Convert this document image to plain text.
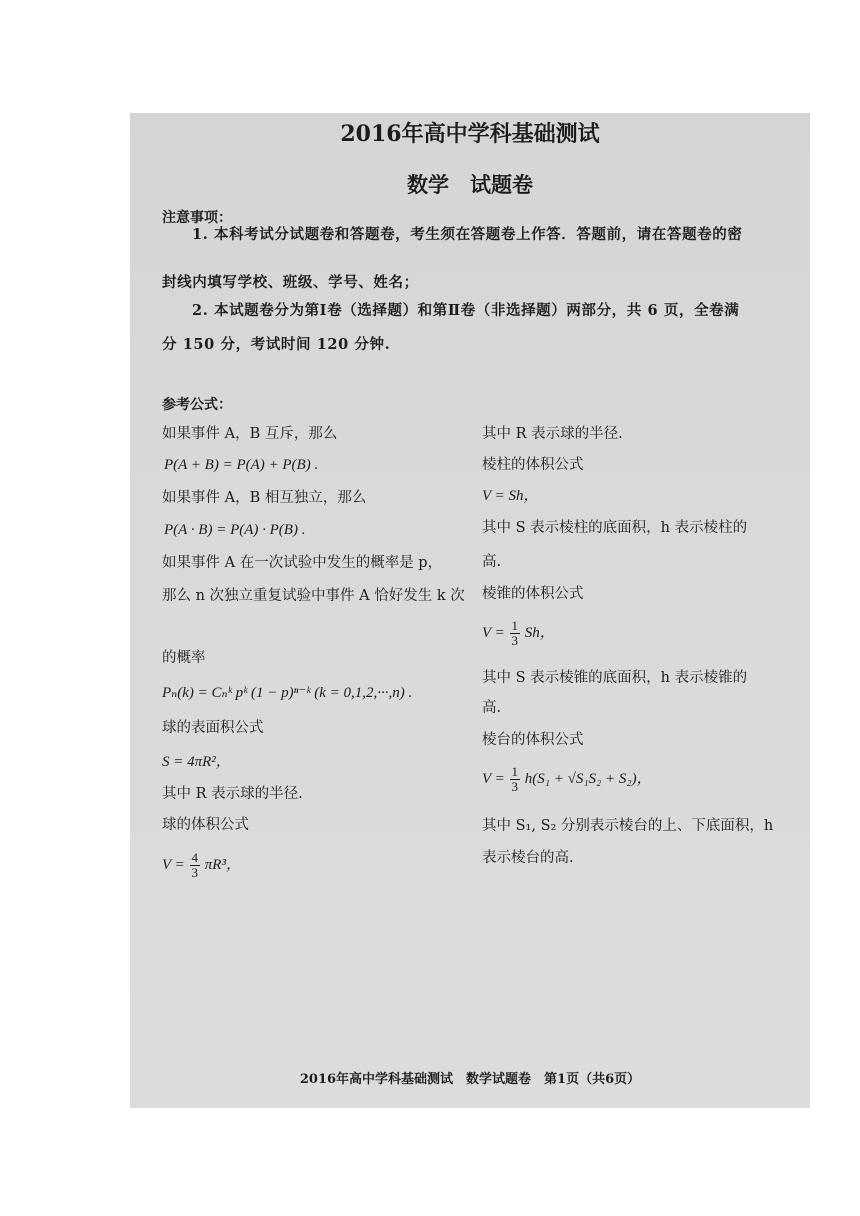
2016年高中学科基础测试
数学　试题卷
注意事项：
1. 本科考试分试题卷和答题卷，考生须在答题卷上作答．答题前，请在答题卷的密
封线内填写学校、班级、学号、姓名；
2. 本试题卷分为第Ⅰ卷（选择题）和第Ⅱ卷（非选择题）两部分，共 6 页，全卷满
分 150 分，考试时间 120 分钟.
参考公式：
如果事件 A，B 互斥，那么
P(A + B) = P(A) + P(B) .
如果事件 A，B 相互独立，那么
P(A · B) = P(A) · P(B) .
如果事件 A 在一次试验中发生的概率是 p，
那么 n 次独立重复试验中事件 A 恰好发生 k 次
的概率
Pₙ(k) = Cₙᵏ pᵏ (1 − p)ⁿ⁻ᵏ (k = 0,1,2,···,n) .
球的表面积公式
S = 4πR²，
其中 R 表示球的半径.
球的体积公式
$V = \frac{4}{3} \pi R^3$，
其中 R 表示球的半径.
棱柱的体积公式
V = Sh，
其中 S 表示棱柱的底面积，h 表示棱柱的
高.
棱锥的体积公式
$V = \frac{1}{3}$ Sh，
其中 S 表示棱锥的底面积，h 表示棱锥的
高.
棱台的体积公式
$V = \frac{1}{3} h(S_1 + √S_1S_2 + S_2)$，
其中 S₁, S₂ 分别表示棱台的上、下底面积，h
表示棱台的高.
2016年高中学科基础测试　数学试题卷　第1页（共6页）
